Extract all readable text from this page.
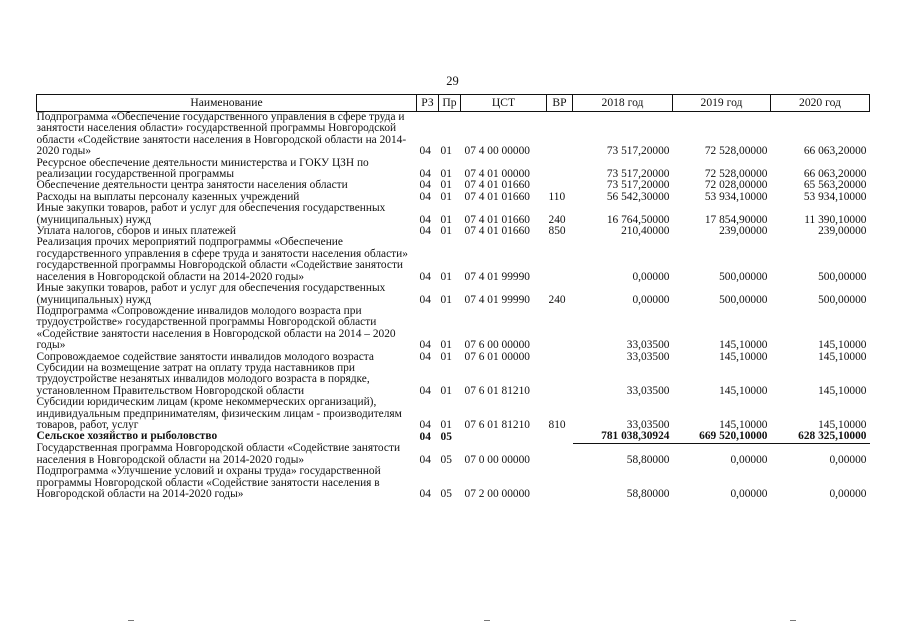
29
Наименование	РЗ	Пр	ЦСТ	ВР	2018 год	2019 год	2020 год
Подпрограмма «Обеспечение государственного управления в сфере труда и занятости населения области» государственной программы Новгородской области «Содействие занятости населения в Новгородской области на 2014-2020 годы»	04	01	07 4 00 00000		73 517,20000	72 528,00000	66 063,20000
Ресурсное обеспечение деятельности министерства и ГОКУ ЦЗН по реализации государственной программы	04	01	07 4 01 00000		73 517,20000	72 528,00000	66 063,20000
Обеспечение деятельности центра занятости населения области	04	01	07 4 01 01660		73 517,20000	72 028,00000	65 563,20000
Расходы на выплаты персоналу казенных учреждений	04	01	07 4 01 01660	110	56 542,30000	53 934,10000	53 934,10000
Иные закупки товаров, работ и услуг для обеспечения государственных (муниципальных) нужд	04	01	07 4 01 01660	240	16 764,50000	17 854,90000	11 390,10000
Уплата налогов, сборов и иных платежей	04	01	07 4 01 01660	850	210,40000	239,00000	239,00000
Реализация прочих мероприятий подпрограммы «Обеспечение государственного управления в сфере труда и занятости населения области» государственной программы Новгородской области «Содействие занятости населения в Новгородской области на 2014-2020 годы»	04	01	07 4 01 99990		0,00000	500,00000	500,00000
Иные закупки товаров, работ и услуг для обеспечения государственных (муниципальных) нужд	04	01	07 4 01 99990	240	0,00000	500,00000	500,00000
Подпрограмма «Сопровождение инвалидов молодого возраста при трудоустройстве» государственной программы Новгородской области «Содействие занятости населения в Новгородской области на 2014 – 2020 годы»	04	01	07 6 00 00000		33,03500	145,10000	145,10000
Сопровождаемое содействие занятости инвалидов молодого возраста	04	01	07 6 01 00000		33,03500	145,10000	145,10000
Субсидии на возмещение затрат на оплату труда наставников при трудоустройстве незанятых инвалидов молодого возраста в порядке, установленном Правительством Новгородской области	04	01	07 6 01 81210		33,03500	145,10000	145,10000
Субсидии юридическим лицам (кроме некоммерческих организаций), индивидуальным предпринимателям, физическим лицам - производителям товаров, работ, услуг	04	01	07 6 01 81210	810	33,03500	145,10000	145,10000
Сельское хозяйство и рыболовство	04	05			781 038,30924	669 520,10000	628 325,10000
Государственная программа Новгородской области «Содействие занятости населения в Новгородской области на 2014-2020 годы»	04	05	07 0 00 00000		58,80000	0,00000	0,00000
Подпрограмма «Улучшение условий и охраны труда» государственной программы Новгородской области «Содействие занятости населения в Новгородской области на 2014-2020 годы»	04	05	07 2 00 00000		58,80000	0,00000	0,00000
